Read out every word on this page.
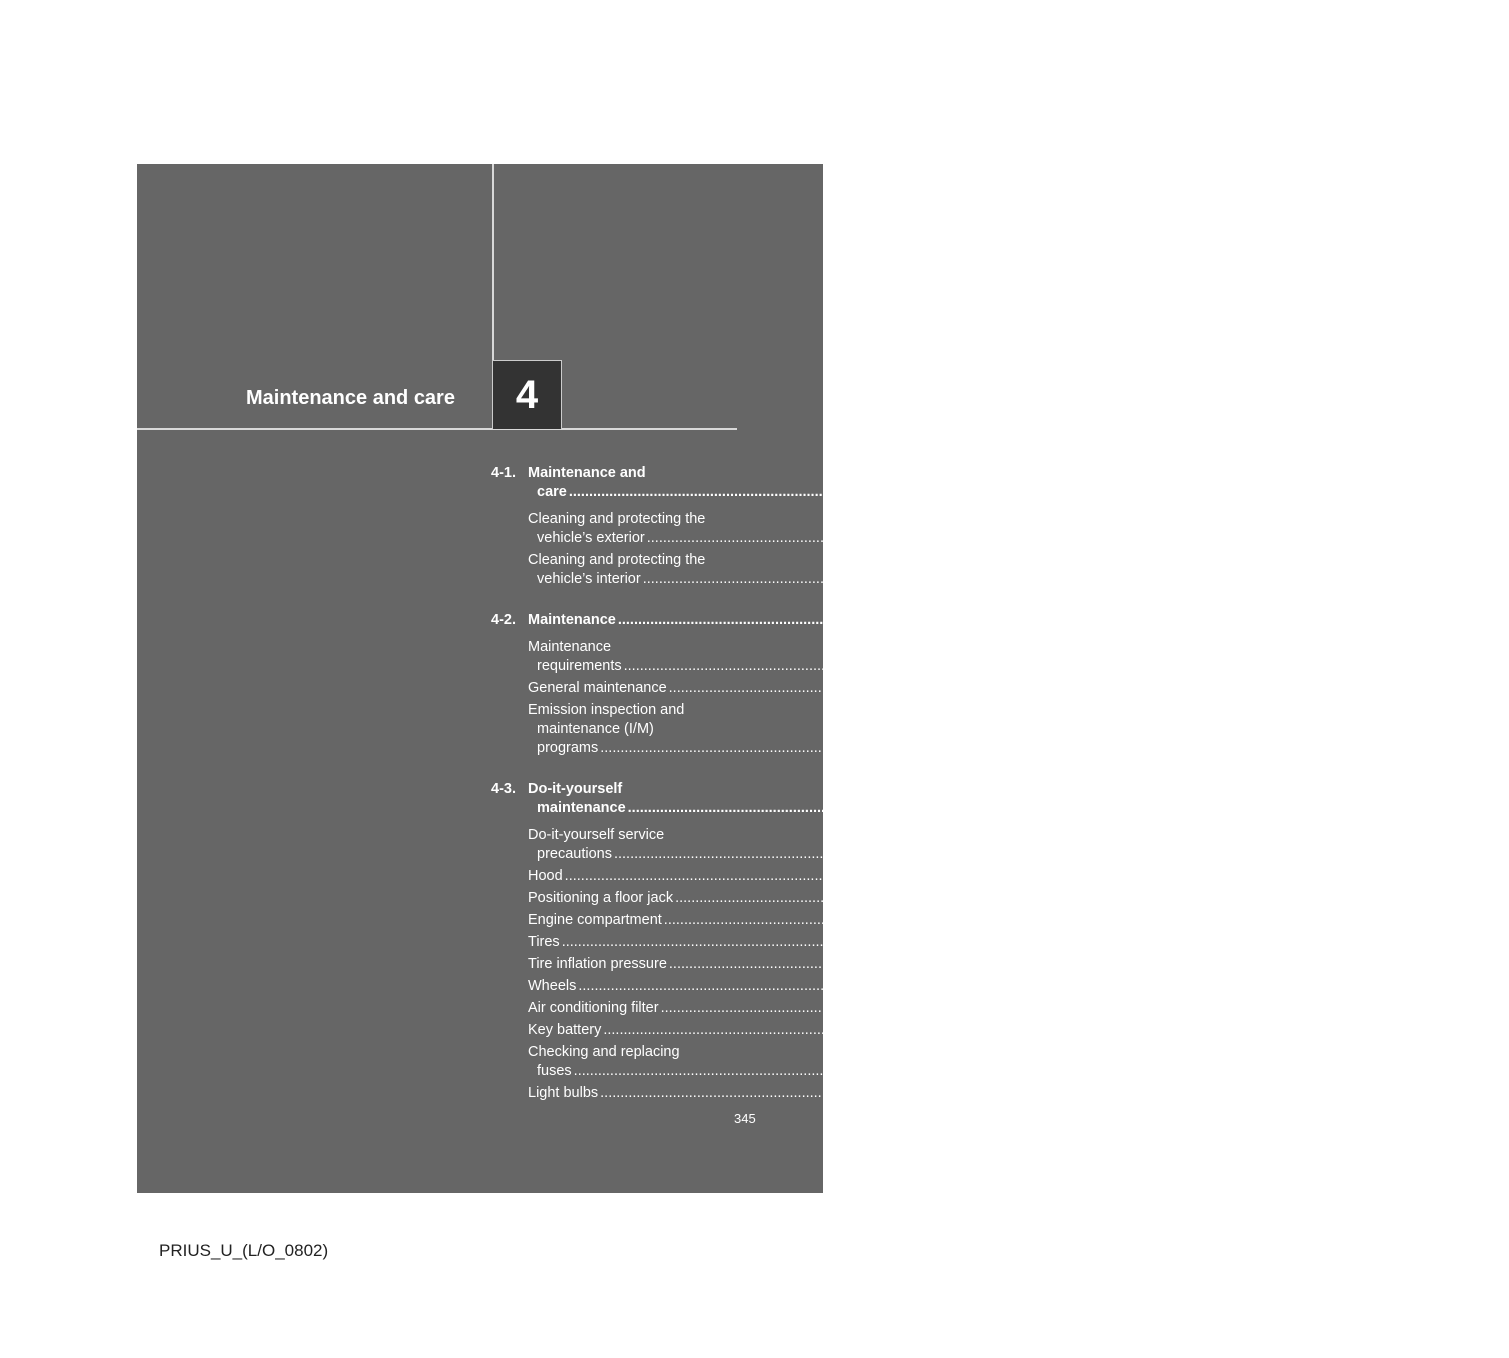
Maintenance and care 4
4-1. Maintenance and
care ........................................................................................................................................................................................................ 346
Cleaning and protecting the
vehicle’s exterior ........................................................................................................................................................................................................ 346
Cleaning and protecting the
vehicle’s interior ........................................................................................................................................................................................................ 348
4-2. Maintenance ........................................................................................................................................................................................................ 351
Maintenance
requirements ........................................................................................................................................................................................................ 351
General maintenance ........................................................................................................................................................................................................ 353
Emission inspection and
maintenance (I/M)
programs ........................................................................................................................................................................................................ 356
4-3. Do-it-yourself
maintenance ........................................................................................................................................................................................................ 357
Do-it-yourself service
precautions ........................................................................................................................................................................................................ 357
Hood ........................................................................................................................................................................................................ 361
Positioning a floor jack ........................................................................................................................................................................................................ 362
Engine compartment ........................................................................................................................................................................................................ 364
Tires ........................................................................................................................................................................................................ 379
Tire inflation pressure ........................................................................................................................................................................................................ 388
Wheels ........................................................................................................................................................................................................ 392
Air conditioning filter ........................................................................................................................................................................................................ 394
Key battery ........................................................................................................................................................................................................ 396
Checking and replacing
fuses ........................................................................................................................................................................................................ 398
Light bulbs ........................................................................................................................................................................................................ 407
345
PRIUS_U_(L/O_0802)
